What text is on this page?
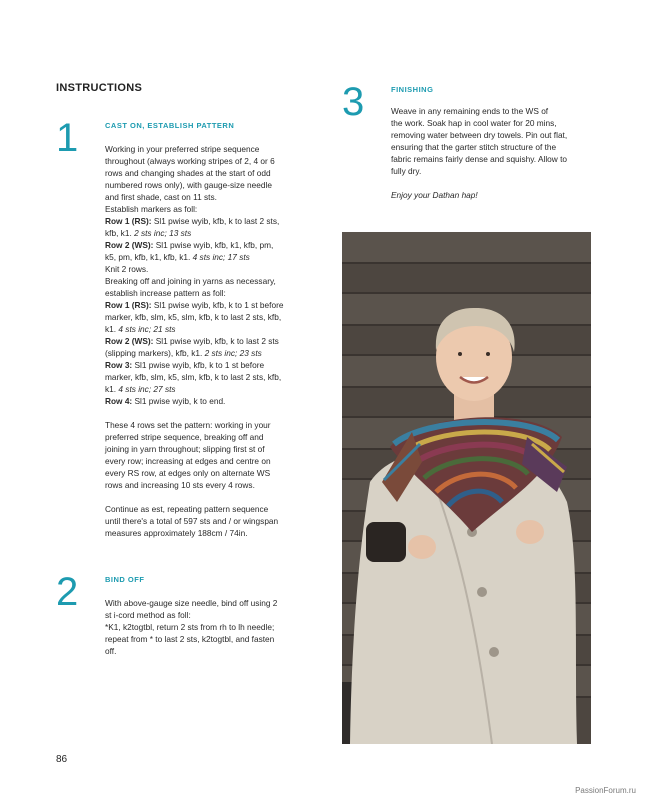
INSTRUCTIONS
1	CAST ON, ESTABLISH PATTERN

Working in your preferred stripe sequence

throughout (always working stripes of 2, 4 or 6

rows and changing shades at the start of odd

numbered rows only), with gauge-size needle

and first shade, cast on 11 sts.

Establish markers as foll:

Row 1 (RS): Sl1 pwise wyib, kfb, k to last 2 sts,

kfb, k1. 2 sts inc; 13 sts

Row 2 (WS): Sl1 pwise wyib, kfb, k1, kfb, pm,

k5, pm, kfb, k1, kfb, k1. 4 sts inc; 17 sts

Knit 2 rows.

Breaking off and joining in yarns as necessary,

establish increase pattern as foll:

Row 1 (RS): Sl1 pwise wyib, kfb, k to 1 st before

marker, kfb, slm, k5, slm, kfb, k to last 2 sts, kfb,

k1. 4 sts inc; 21 sts

Row 2 (WS): Sl1 pwise wyib, kfb, k to last 2 sts

(slipping markers), kfb, k1. 2 sts inc; 23 sts

Row 3: Sl1 pwise wyib, kfb, k to 1 st before

marker, kfb, slm, k5, slm, kfb, k to last 2 sts, kfb,

k1. 4 sts inc; 27 sts

Row 4: Sl1 pwise wyib, k to end.

These 4 rows set the pattern: working in your

preferred stripe sequence, breaking off and

joining in yarn throughout; slipping first st of

every row; increasing at edges and centre on

every RS row, at edges only on alternate WS

rows and increasing 10 sts every 4 rows.

Continue as est, repeating pattern sequence

until there's a total of 597 sts and / or wingspan

measures approximately 188cm / 74in.

2	BIND OFF

With above-gauge size needle, bind off using 2

st i-cord method as foll:

*K1, k2togtbl, return 2 sts from rh to lh needle;

repeat from * to last 2 sts, k2togtbl, and fasten

off.

3	FINISHING

Weave in any remaining ends to the WS of

the work. Soak hap in cool water for 20 mins,

removing water between dry towels. Pin out flat,

ensuring that the garter stitch structure of the

fabric remains fairly dense and squishy. Allow to

fully dry.

Enjoy your Dathan hap!

86
PassionForum.ru
